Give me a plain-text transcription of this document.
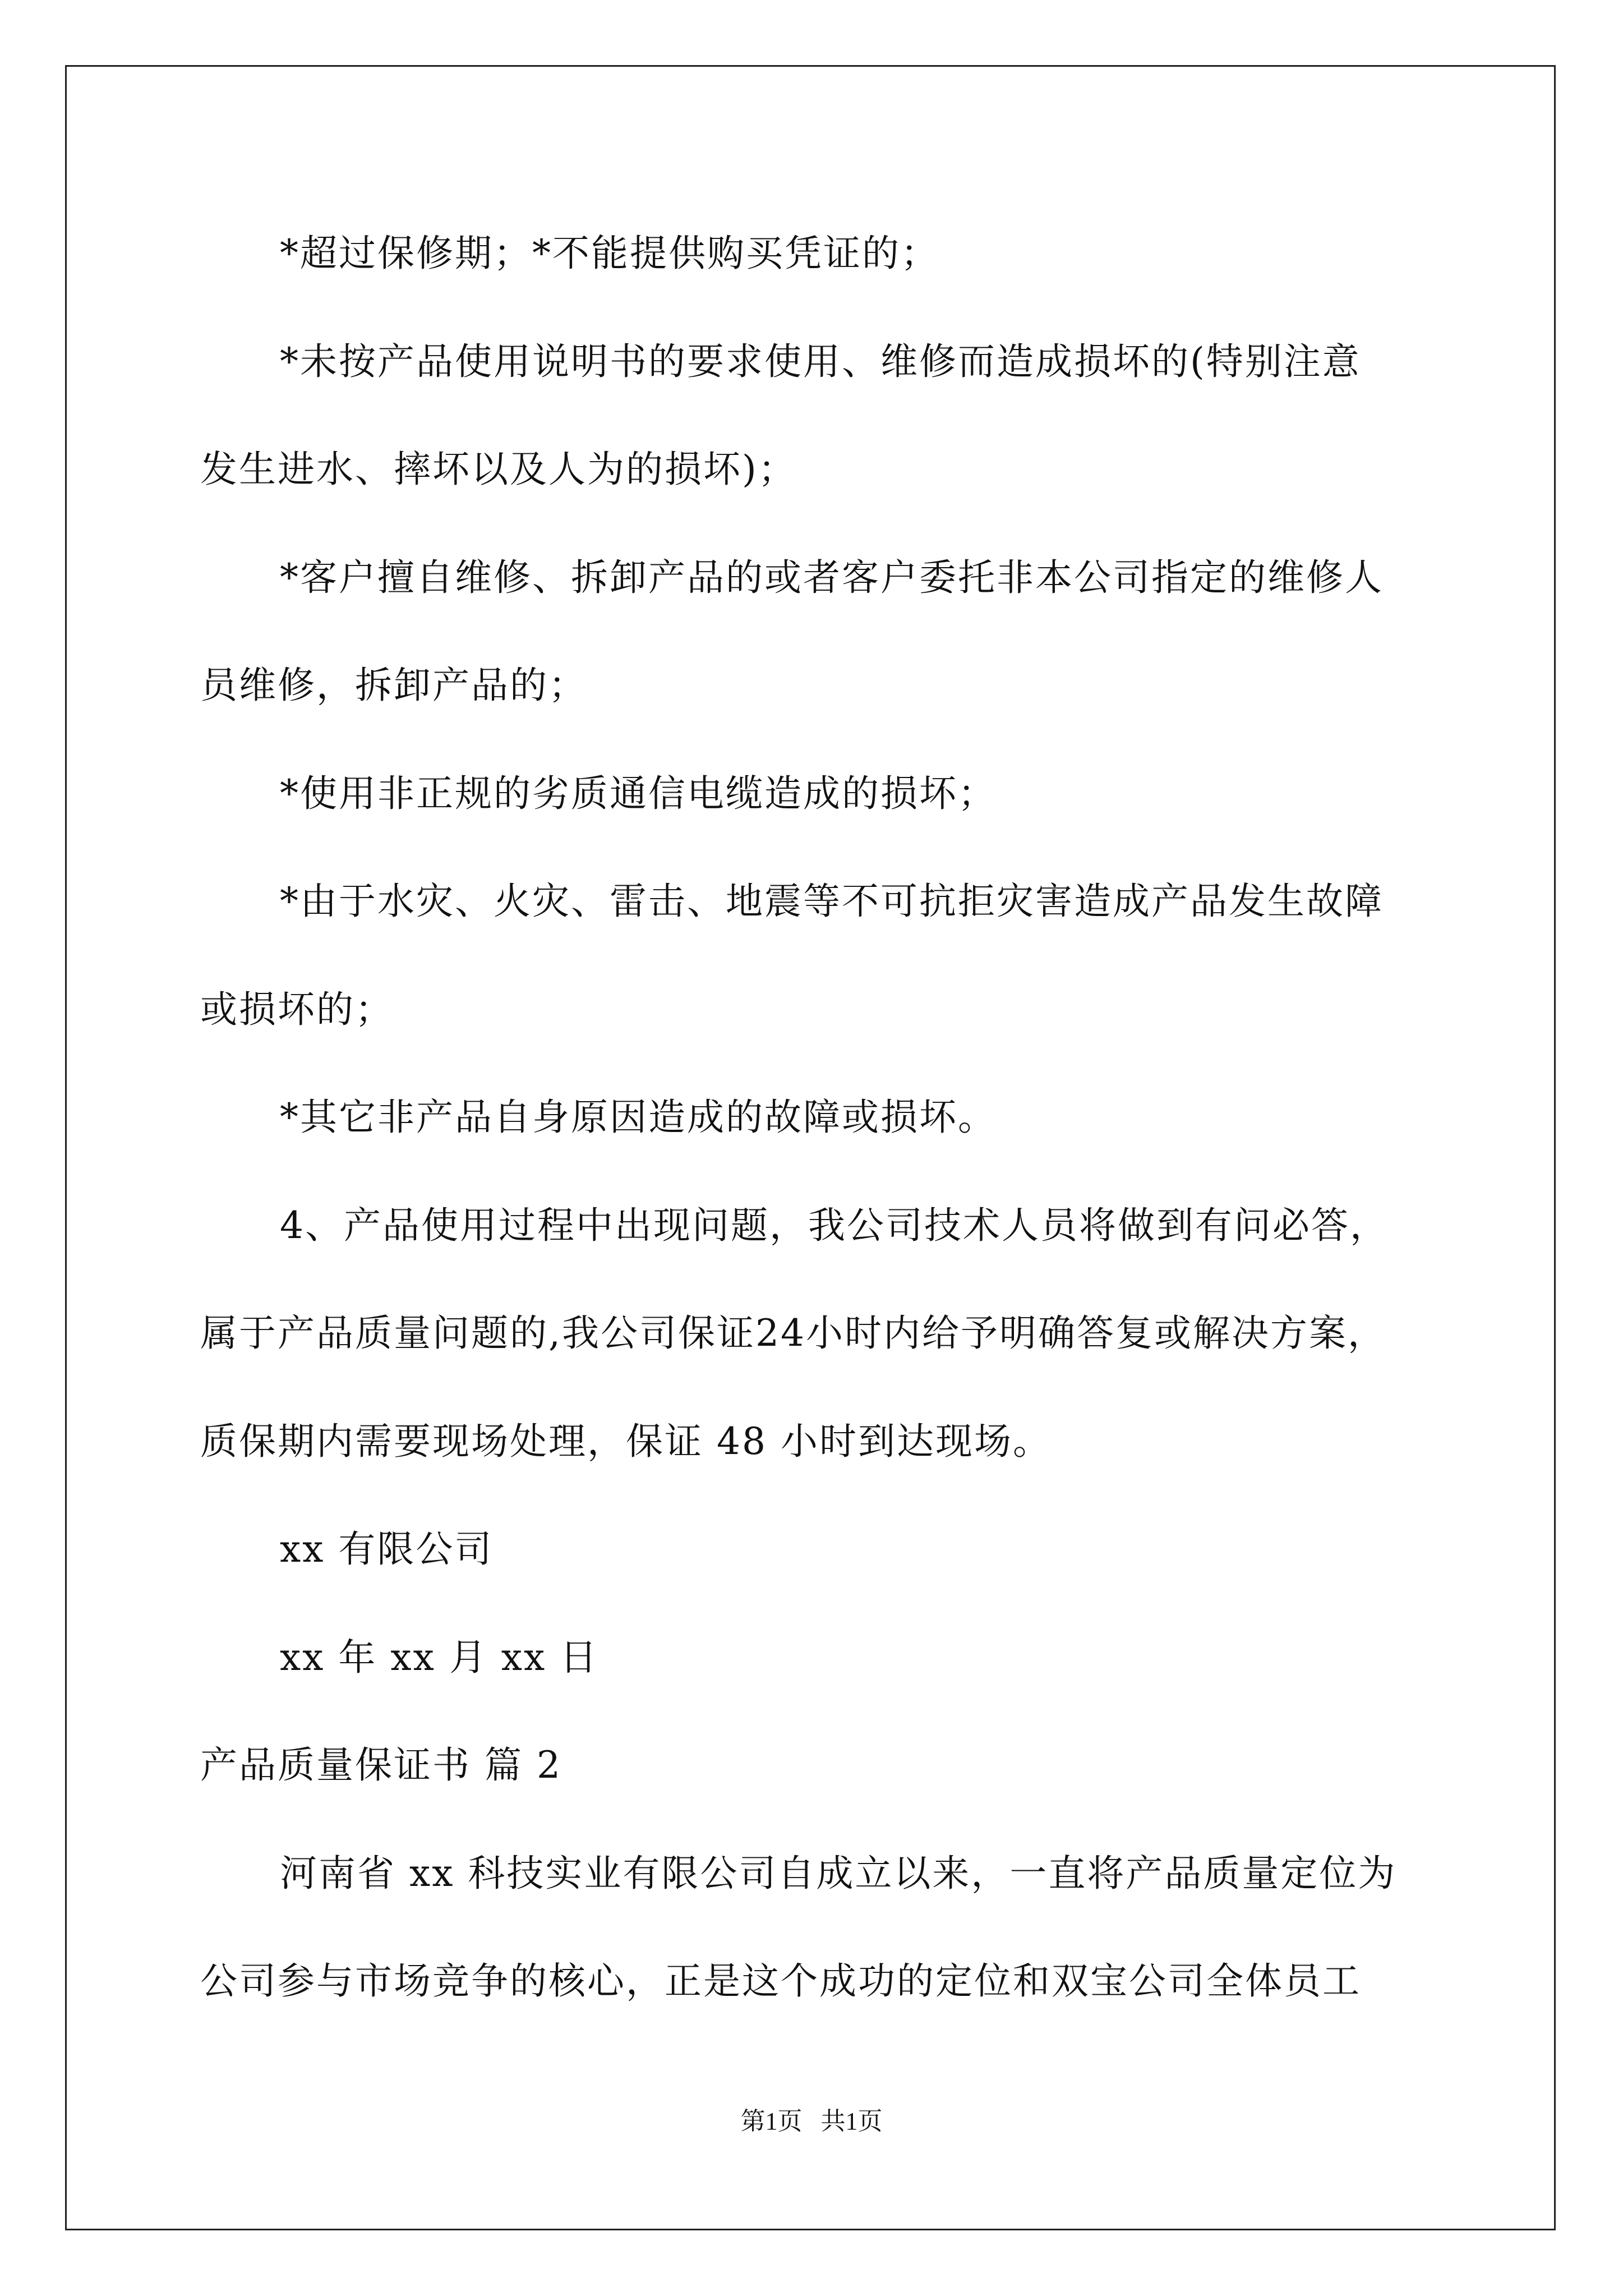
*超过保修期；*不能提供购买凭证的；
*未按产品使用说明书的要求使用、维修而造成损坏的(特别注意
发生进水、摔坏以及人为的损坏)；
*客户擅自维修、拆卸产品的或者客户委托非本公司指定的维修人
员维修，拆卸产品的；
*使用非正规的劣质通信电缆造成的损坏；
*由于水灾、火灾、雷击、地震等不可抗拒灾害造成产品发生故障
或损坏的；
*其它非产品自身原因造成的故障或损坏。
4、产品使用过程中出现问题，我公司技术人员将做到有问必答，
属于产品质量问题的,我公司保证24小时内给予明确答复或解决方案，
质保期内需要现场处理，保证 48 小时到达现场。
xx 有限公司
xx 年 xx 月 xx 日
产品质量保证书 篇 2
河南省 xx 科技实业有限公司自成立以来，一直将产品质量定位为
公司参与市场竞争的核心，正是这个成功的定位和双宝公司全体员工
第1页   共1页
